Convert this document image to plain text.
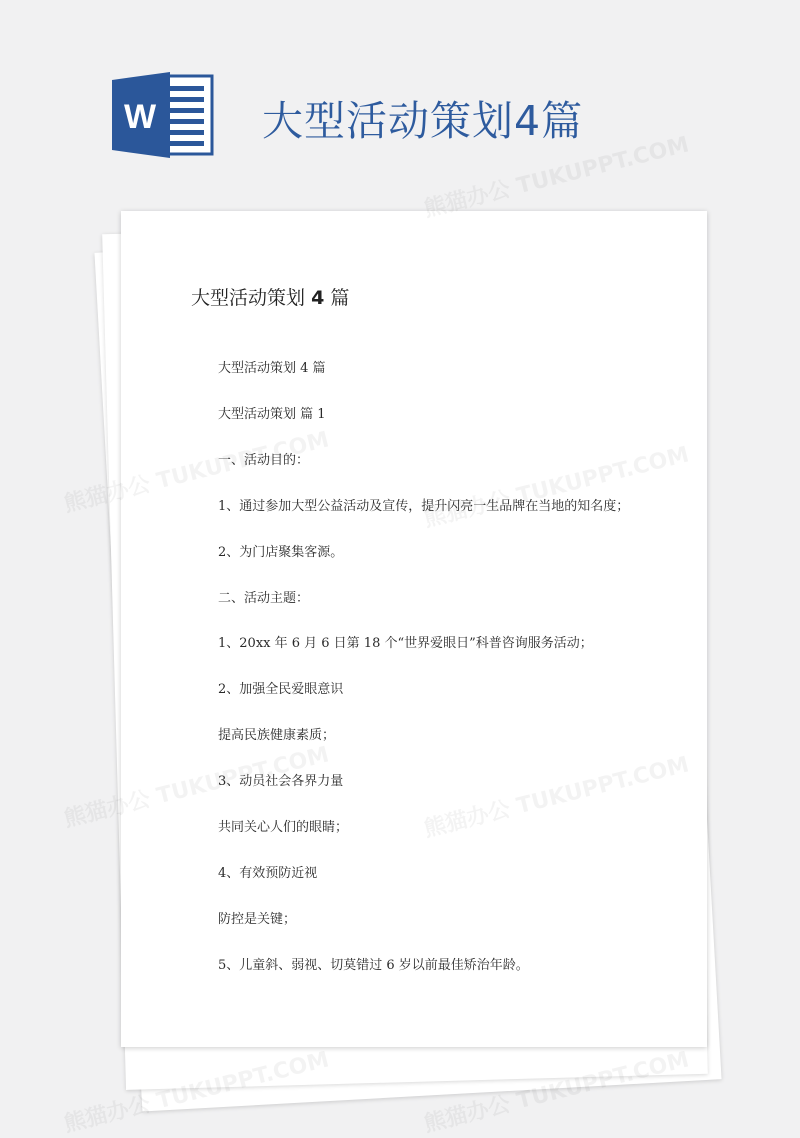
W	大型活动策划4篇
大型活动策划 4 篇
大型活动策划 4 篇
大型活动策划 篇 1
一、活动目的：
1、通过参加大型公益活动及宣传，提升闪亮一生品牌在当地的知名度；
2、为门店聚集客源。
二、活动主题：
1、20xx 年 6 月 6 日第 18 个“世界爱眼日”科普咨询服务活动；
2、加强全民爱眼意识
提高民族健康素质；
3、动员社会各界力量
共同关心人们的眼睛；
4、有效预防近视
防控是关键；
5、儿童斜、弱视、切莫错过 6 岁以前最佳矫治年龄。
